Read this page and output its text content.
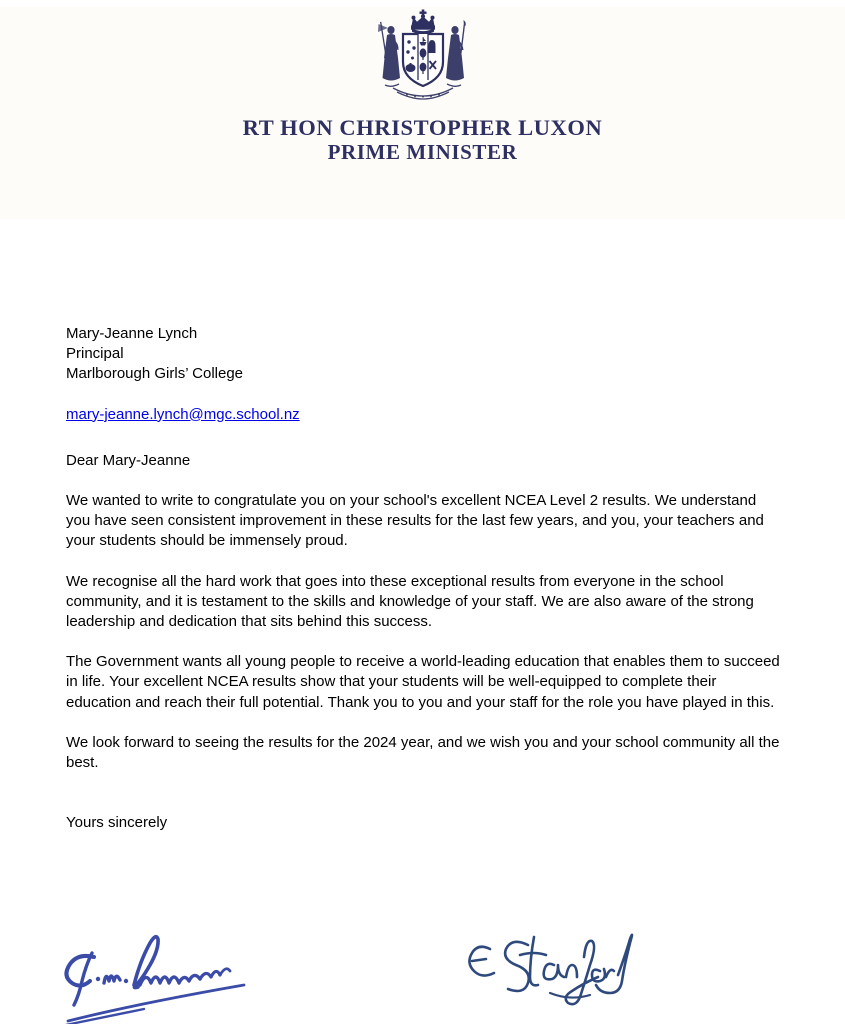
RT HON CHRISTOPHER LUXON
PRIME MINISTER
Mary-Jeanne Lynch
Principal
Marlborough Girls’ College
mary-jeanne.lynch@mgc.school.nz
Dear Mary-Jeanne
We wanted to write to congratulate you on your school's excellent NCEA Level 2 results. We understand you have seen consistent improvement in these results for the last few years, and you, your teachers and your students should be immensely proud.
We recognise all the hard work that goes into these exceptional results from everyone in the school community, and it is testament to the skills and knowledge of your staff. We are also aware of the strong leadership and dedication that sits behind this success.
The Government wants all young people to receive a world-leading education that enables them to succeed in life. Your excellent NCEA results show that your students will be well-equipped to complete their education and reach their full potential. Thank you to you and your staff for the role you have played in this.
We look forward to seeing the results for the 2024 year, and we wish you and your school community all the best.
Yours sincerely
